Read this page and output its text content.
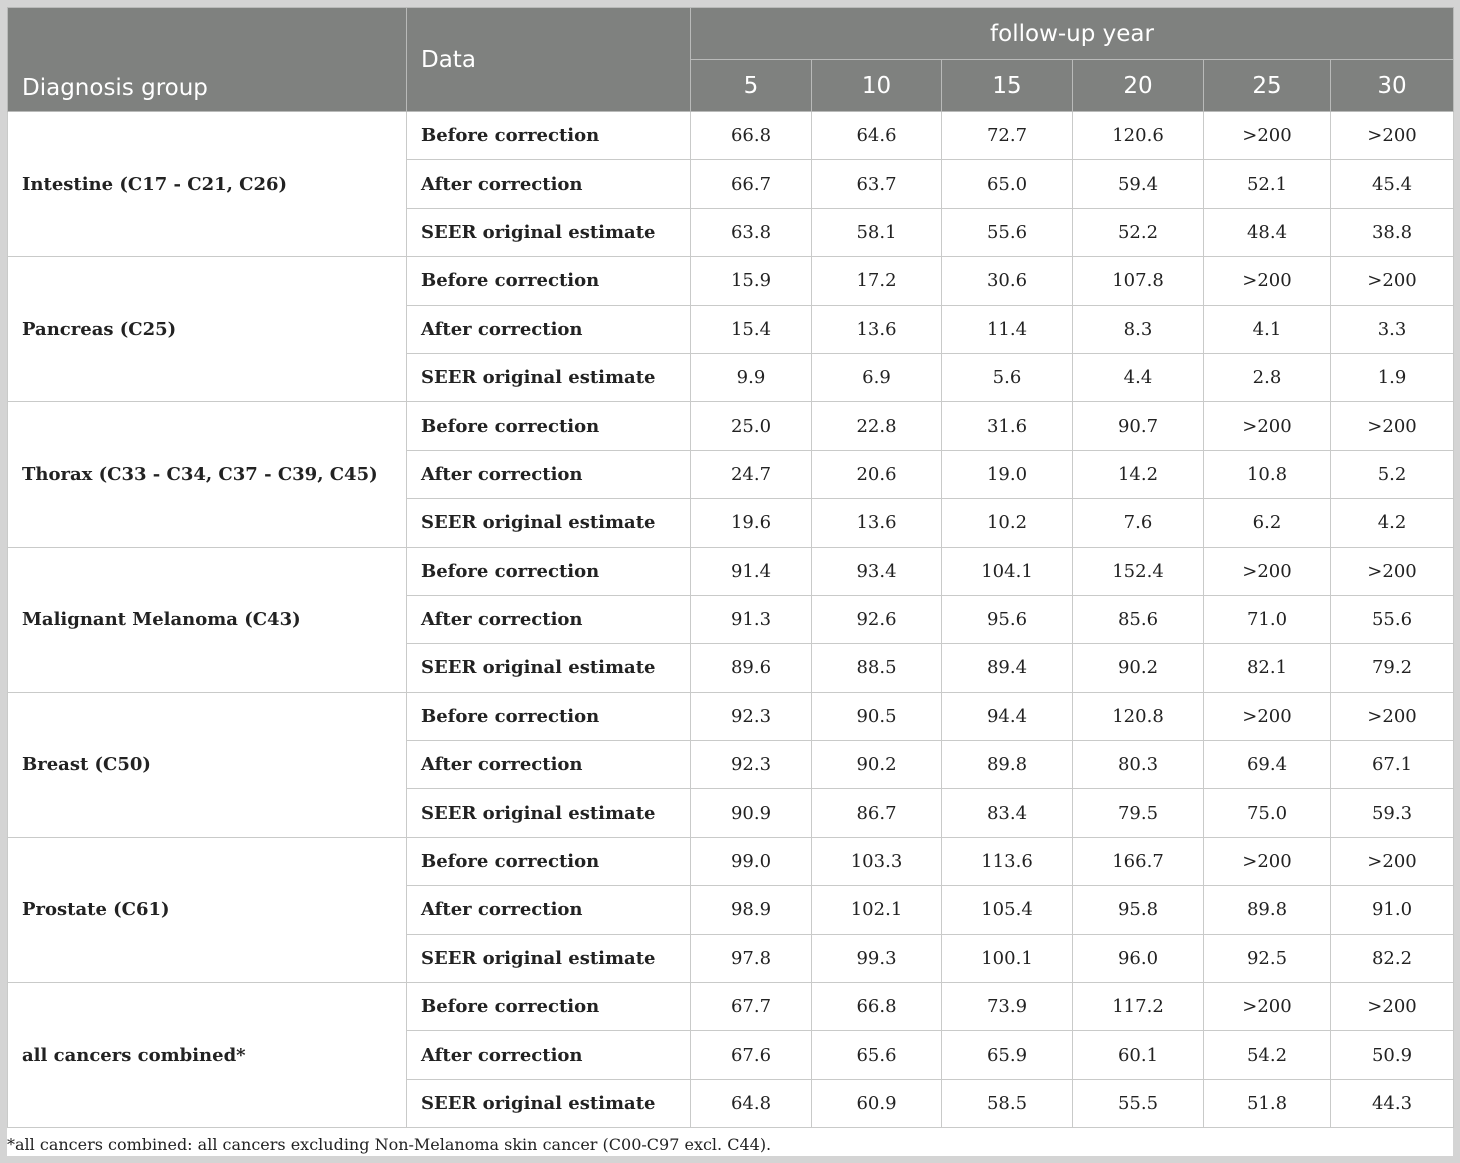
Diagnosis group	Data	follow-up year					
		5	10	15	20	25	30
Intestine (C17 - C21, C26)	Before correction	66.8	64.6	72.7	120.6	>200	>200
	After correction	66.7	63.7	65.0	59.4	52.1	45.4
	SEER original estimate	63.8	58.1	55.6	52.2	48.4	38.8
Pancreas (C25)	Before correction	15.9	17.2	30.6	107.8	>200	>200
	After correction	15.4	13.6	11.4	8.3	4.1	3.3
	SEER original estimate	9.9	6.9	5.6	4.4	2.8	1.9
Thorax (C33 - C34, C37 - C39, C45)	Before correction	25.0	22.8	31.6	90.7	>200	>200
	After correction	24.7	20.6	19.0	14.2	10.8	5.2
	SEER original estimate	19.6	13.6	10.2	7.6	6.2	4.2
Malignant Melanoma (C43)	Before correction	91.4	93.4	104.1	152.4	>200	>200
	After correction	91.3	92.6	95.6	85.6	71.0	55.6
	SEER original estimate	89.6	88.5	89.4	90.2	82.1	79.2
Breast (C50)	Before correction	92.3	90.5	94.4	120.8	>200	>200
	After correction	92.3	90.2	89.8	80.3	69.4	67.1
	SEER original estimate	90.9	86.7	83.4	79.5	75.0	59.3
Prostate (C61)	Before correction	99.0	103.3	113.6	166.7	>200	>200
	After correction	98.9	102.1	105.4	95.8	89.8	91.0
	SEER original estimate	97.8	99.3	100.1	96.0	92.5	82.2
all cancers combined*	Before correction	67.7	66.8	73.9	117.2	>200	>200
	After correction	67.6	65.6	65.9	60.1	54.2	50.9
	SEER original estimate	64.8	60.9	58.5	55.5	51.8	44.3
*all cancers combined: all cancers excluding Non-Melanoma skin cancer (C00-C97 excl. C44).
